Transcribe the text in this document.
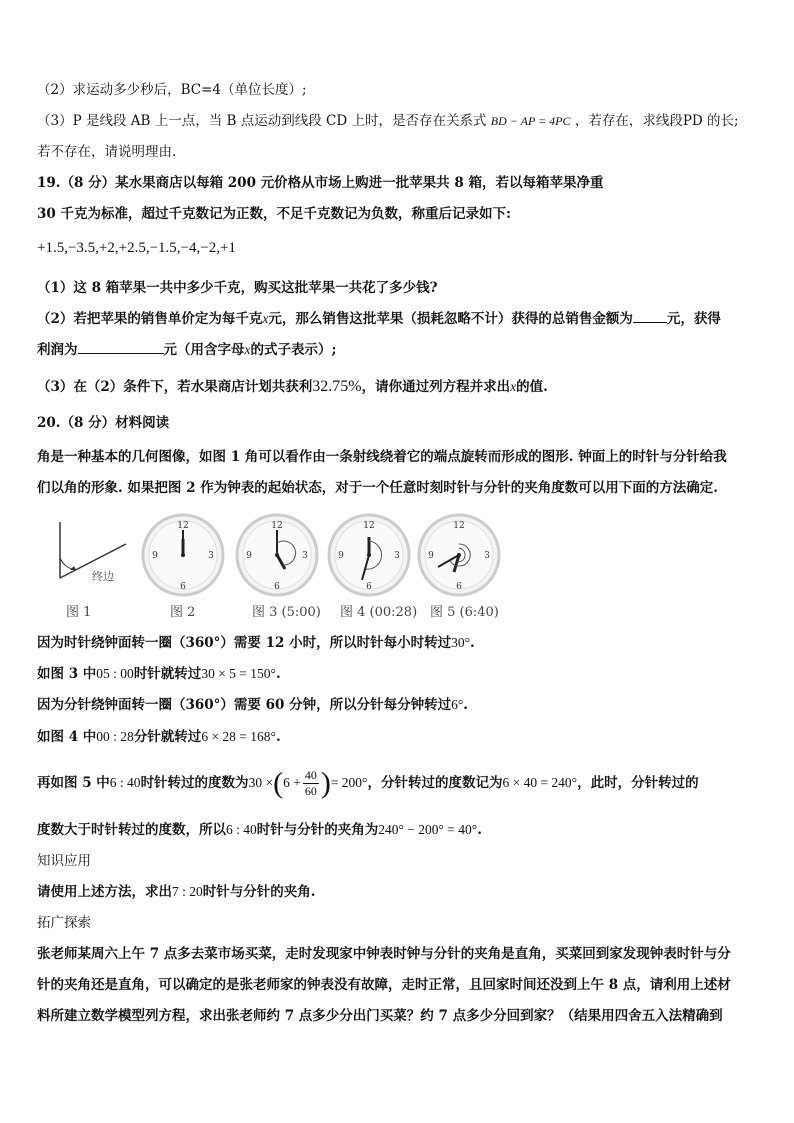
（2）求运动多少秒后，BC=4（单位长度）;
（3）P 是线段 AB 上一点，当 B 点运动到线段 CD 上时，是否存在关系式 BD − AP = 4PC ，若存在，求线段PD 的长;
若不存在，请说明理由.
19.（8 分）某水果商店以每箱 200 元价格从市场上购进一批苹果共 8 箱，若以每箱苹果净重
30 千克为标准，超过千克数记为正数，不足千克数记为负数，称重后记录如下:
+1.5,−3.5,+2,+2.5,−1.5,−4,−2,+1
（1）这 8 箱苹果一共中多少千克，购买这批苹果一共花了多少钱?
（2）若把苹果的销售单价定为每千克x元，那么销售这批苹果（损耗忽略不计）获得的总销售金额为	元，获得
利润为	元（用含字母x的式子表示）;
（3）在（2）条件下，若水果商店计划共获利32.75%，请你通过列方程并求出x的值.
20.（8 分）材料阅读
角是一种基本的几何图像，如图 1 角可以看作由一条射线绕着它的端点旋转而形成的图形. 钟面上的时针与分针给我
们以角的形象. 如果把图 2 作为钟表的起始状态，对于一个任意时刻时针与分针的夹角度数可以用下面的方法确定.
终边
图 1
12
3
6
9
图 2
12
3
6
9
图 3 (5:00)
12
3
6
9
图 4 (00:28)
12
3
6
9
图 5 (6:40)
因为时针绕钟面转一圈（360°）需要 12 小时，所以时针每小时转过30°.
如图 3 中05 : 00时针就转过30 × 5 = 150°.
因为分针绕钟面转一圈（360°）需要 60 分钟，所以分针每分钟转过6°.
如图 4 中00 : 28分针就转过6 × 28 = 168°.
再如图 5 中6 : 40时针转过的度数为$30 \times(6 + \frac{40}{60}$ )= 200°，分针转过的度数记为6 × 40 = 240°，此时，分针转过的
度数大于时针转过的度数，所以6 : 40时针与分针的夹角为240° − 200° = 40°.
知识应用
请使用上述方法，求出7 : 20时针与分针的夹角.
拓广探索
张老师某周六上午 7 点多去菜市场买菜，走时发现家中钟表时钟与分针的夹角是直角，买菜回到家发现钟表时针与分
针的夹角还是直角，可以确定的是张老师家的钟表没有故障，走时正常，且回家时间还没到上午 8 点，请利用上述材
料所建立数学模型列方程，求出张老师约 7 点多少分出门买菜？约 7 点多少分回到家？（结果用四舍五入法精确到
